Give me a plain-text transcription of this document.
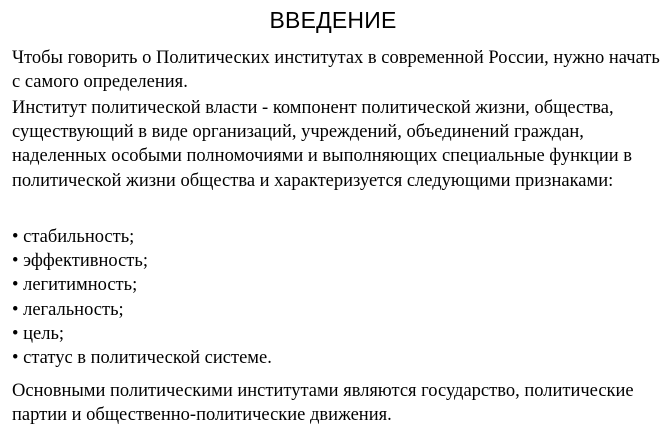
ВВЕДЕНИЕ

Чтобы говорить о Политических институтах в современной России, нужно начать с самого определения.

Институт политической власти - компонент политической жизни, общества, существующий в виде организаций, учреждений, объединений граждан, наделенных особыми полномочиями и выполняющих специальные функции в политической жизни общества и характеризуется следующими признаками:

• стабильность;
• эффективность;
• легитимность;
• легальность;
• цель;
• статус в политической системе.

Основными политическими институтами являются государство, политические партии и общественно-политические движения.
